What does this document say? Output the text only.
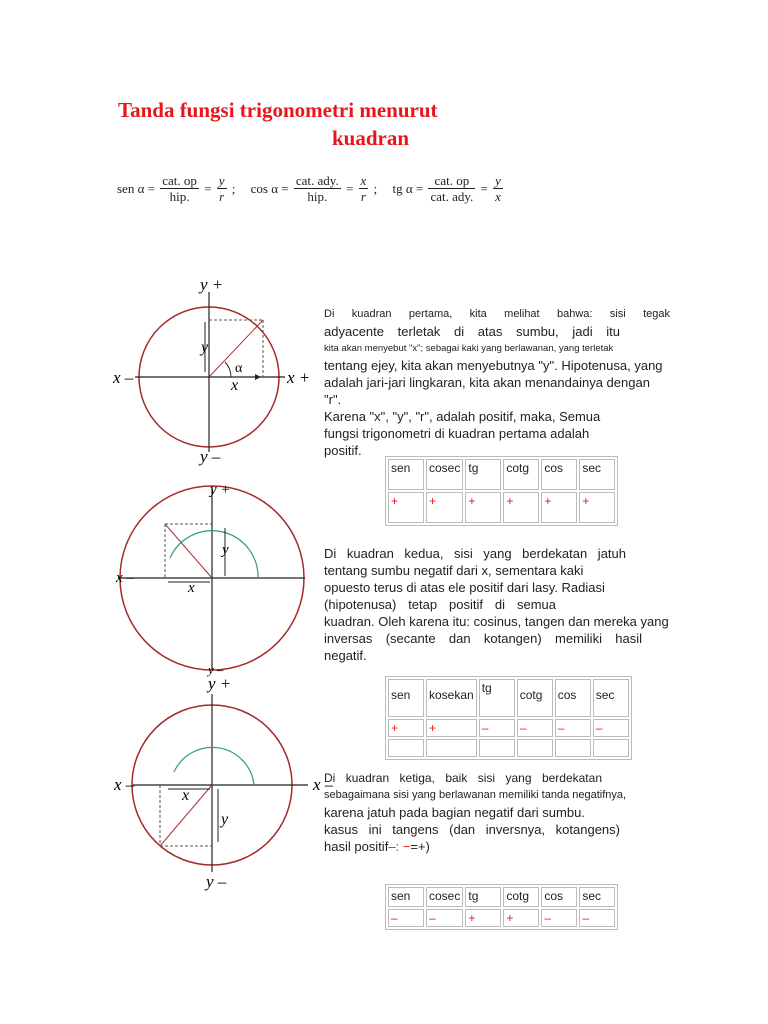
Tanda fungsi trigonometri menurut
kuadran
sen $\alpha = \frac{\text{cat. op}}{\text{hip.}} = \frac{y}{r}$ ; $\cos \alpha = \frac{\text{cat. ady.}}{\text{hip.}} = \frac{x}{r}$ ; tg $\alpha = \frac{\text{cat. op}}{\text{cat. ady.}} = \frac{y}{x}$
y +
y –
x –	x +
x
y
α
Di kuadran pertama, kita melihat bahwa: sisi tegak
adyacente terletak di atas sumbu, jadi itu
kita akan menyebut "x"; sebagai kaki yang berlawanan, yang terletak
tentang ejey, kita akan menyebutnya "y". Hipotenusa, yang
adalah jari-jari lingkaran, kita akan menandainya dengan "r".
Karena "x", "y", "r", adalah positif, maka, Semua
fungsi trigonometri di kuadran pertama adalah
positif.
sen	cosec	tg	cotg	cos	sec
+	+	+	+	+	+
y +
y –
x –
x
y	Di kuadran kedua, sisi yang berdekatan jatuh
tentang sumbu negatif dari x, sementara kaki
opuesto terus di atas ele positif dari lasy. Radiasi
(hipotenusa) tetap positif di semua
kuadran. Oleh karena itu: cosinus, tangen dan mereka yang
inversas (secante dan kotangen) memiliki hasil
negatif.
sen	kosekan	tg	cotg	cos	sec
+	+	–	–	–	–

y +
y –
x –	x –
x
y
Di kuadran ketiga, baik sisi yang berdekatan
sebagaimana sisi yang berlawanan memiliki tanda negatifnya,
karena jatuh pada bagian negatif dari sumbu.
kasus ini tangens (dan inversnya, kotangens)
hasil positif–: −=+)
sen	cosec	tg	cotg	cos	sec
–	–	+	+	–	–
